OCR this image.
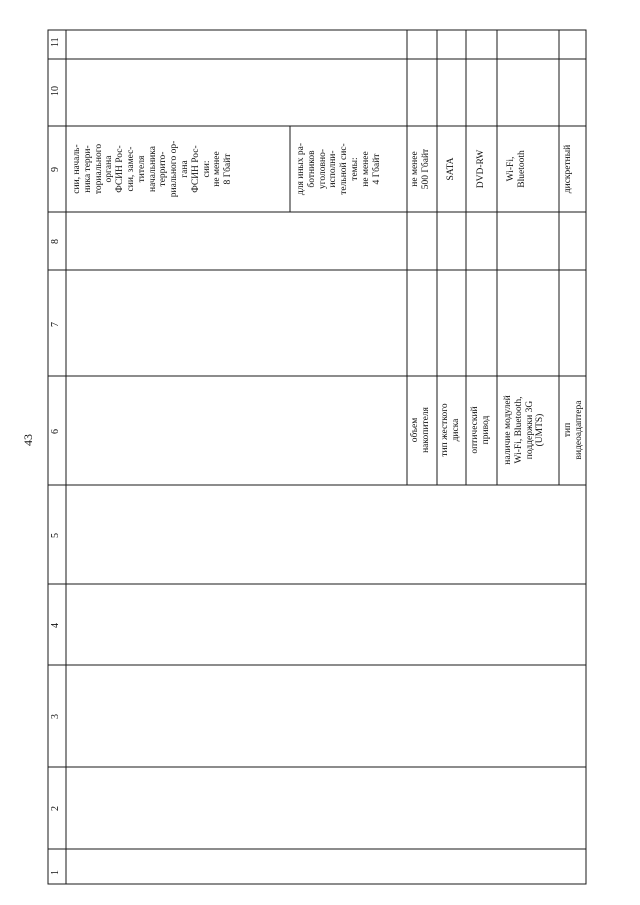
43
1
2
3
4
5
6
7
8
9
11
10
сии, началь-
ника терри-
ториального
органа
ФСИН Рос-
сии, замес-
тителя
начальника
террито-
риального ор-
гана
ФСИН Рос-
сии:
не менее
8 Гбайт
для иных ра-
ботников
уголовно-
исполни-
тельной сис-
темы:
не менее
4 Гбайт
объем
накопителя тип жесткого
диска оптический
привод
наличие модулей
Wi-Fi, Bluetooth,
поддержки 3G
(UMTS) тип
видеоадаптера
не менее
500 Гбайт SATA DVD-RW Wi-Fi,
Bluetooth	дискретный
